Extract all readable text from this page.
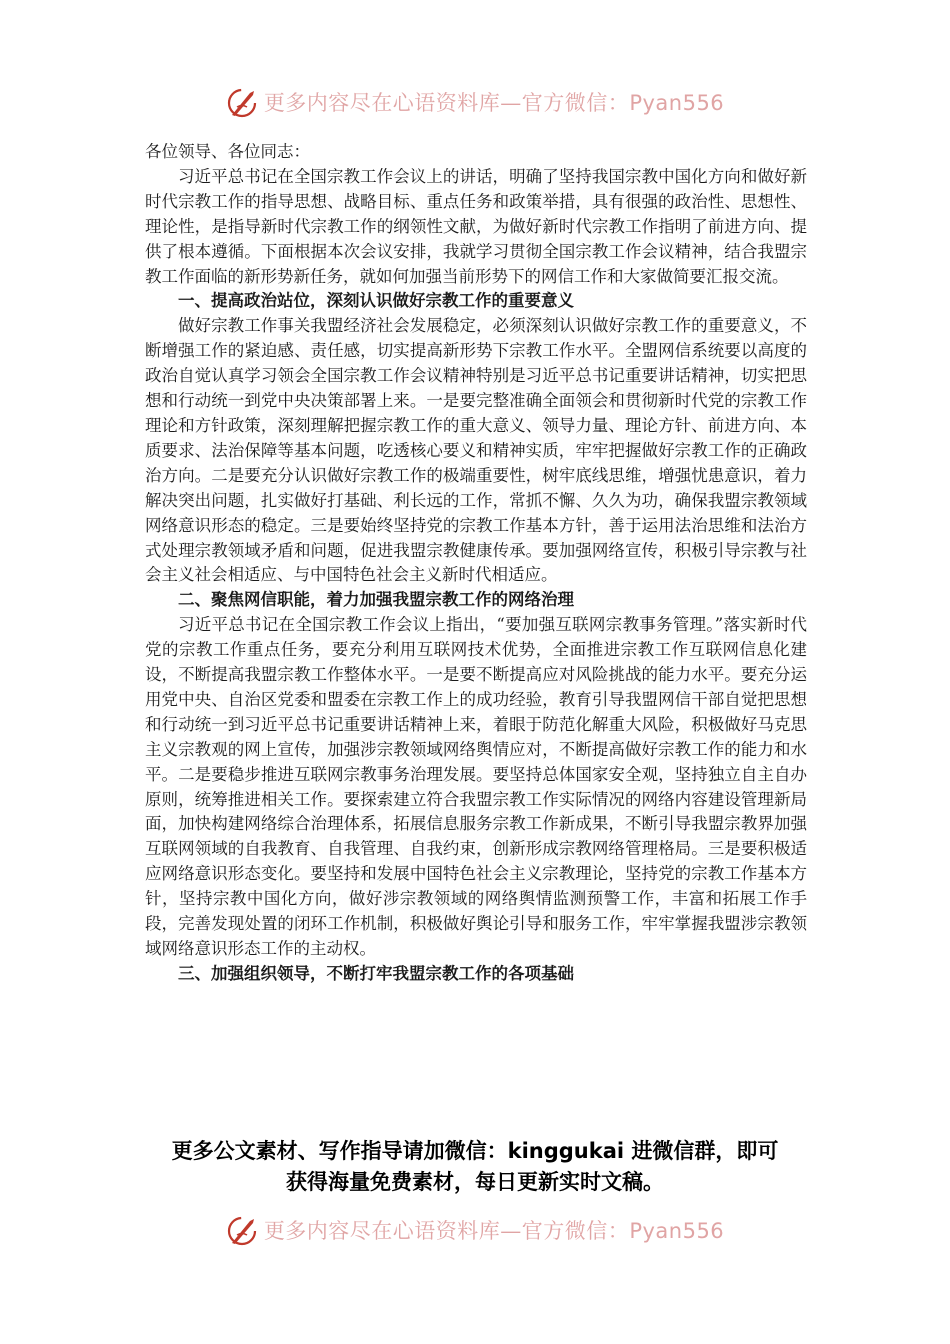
更多内容尽在心语资料库—官方微信：Pyan556

各位领导、各位同志：

习近平总书记在全国宗教工作会议上的讲话，明确了坚持我国宗教中国化方向和做好新时代宗教工作的指导思想、战略目标、重点任务和政策举措，具有很强的政治性、思想性、理论性，是指导新时代宗教工作的纲领性文献，为做好新时代宗教工作指明了前进方向、提供了根本遵循。下面根据本次会议安排，我就学习贯彻全国宗教工作会议精神，结合我盟宗教工作面临的新形势新任务，就如何加强当前形势下的网信工作和大家做简要汇报交流。

一、提高政治站位，深刻认识做好宗教工作的重要意义

做好宗教工作事关我盟经济社会发展稳定，必须深刻认识做好宗教工作的重要意义，不断增强工作的紧迫感、责任感，切实提高新形势下宗教工作水平。全盟网信系统要以高度的政治自觉认真学习领会全国宗教工作会议精神特别是习近平总书记重要讲话精神，切实把思想和行动统一到党中央决策部署上来。一是要完整准确全面领会和贯彻新时代党的宗教工作理论和方针政策，深刻理解把握宗教工作的重大意义、领导力量、理论方针、前进方向、本质要求、法治保障等基本问题，吃透核心要义和精神实质，牢牢把握做好宗教工作的正确政治方向。二是要充分认识做好宗教工作的极端重要性，树牢底线思维，增强忧患意识，着力解决突出问题，扎实做好打基础、利长远的工作，常抓不懈、久久为功，确保我盟宗教领域网络意识形态的稳定。三是要始终坚持党的宗教工作基本方针，善于运用法治思维和法治方式处理宗教领域矛盾和问题，促进我盟宗教健康传承。要加强网络宣传，积极引导宗教与社会主义社会相适应、与中国特色社会主义新时代相适应。

二、聚焦网信职能，着力加强我盟宗教工作的网络治理

习近平总书记在全国宗教工作会议上指出，“要加强互联网宗教事务管理。”落实新时代党的宗教工作重点任务，要充分利用互联网技术优势，全面推进宗教工作互联网信息化建设，不断提高我盟宗教工作整体水平。一是要不断提高应对风险挑战的能力水平。要充分运用党中央、自治区党委和盟委在宗教工作上的成功经验，教育引导我盟网信干部自觉把思想和行动统一到习近平总书记重要讲话精神上来，着眼于防范化解重大风险，积极做好马克思主义宗教观的网上宣传，加强涉宗教领域网络舆情应对，不断提高做好宗教工作的能力和水平。二是要稳步推进互联网宗教事务治理发展。要坚持总体国家安全观，坚持独立自主自办原则，统筹推进相关工作。要探索建立符合我盟宗教工作实际情况的网络内容建设管理新局面，加快构建网络综合治理体系，拓展信息服务宗教工作新成果，不断引导我盟宗教界加强互联网领域的自我教育、自我管理、自我约束，创新形成宗教网络管理格局。三是要积极适应网络意识形态变化。要坚持和发展中国特色社会主义宗教理论，坚持党的宗教工作基本方针，坚持宗教中国化方向，做好涉宗教领域的网络舆情监测预警工作，丰富和拓展工作手段，完善发现处置的闭环工作机制，积极做好舆论引导和服务工作，牢牢掌握我盟涉宗教领域网络意识形态工作的主动权。

三、加强组织领导，不断打牢我盟宗教工作的各项基础

更多公文素材、写作指导请加微信：kinggukai 进微信群，即可
获得海量免费素材，每日更新实时文稿。
更多内容尽在心语资料库—官方微信：Pyan556
